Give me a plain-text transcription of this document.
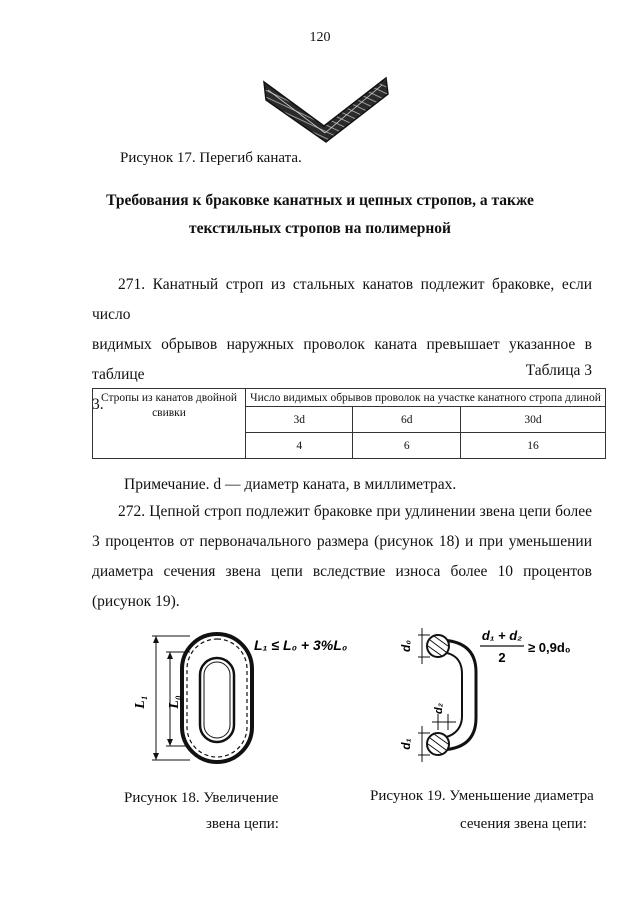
120
Рисунок 17. Перегиб каната.
Требования к браковке канатных и цепных стропов, а также
текстильных стропов на полимерной
271. Канатный строп из стальных канатов подлежит браковке, если число
видимых обрывов наружных проволок каната превышает указанное в таблице
3.
Таблица 3
Стропы из канатов двойной свивки	Число видимых обрывов проволок на участке канатного стропа длиной		
	3d	6d	30d
	4	6	16
Примечание. d — диаметр каната, в миллиметрах.
272. Цепной строп подлежит браковке при удлинении звена цепи более
3 процентов от первоначального размера (рисунок 18) и при уменьшении
диаметра сечения звена цепи вследствие износа более 10 процентов
(рисунок 19).
L₁ L₀
L₁ ≤ L₀ + 3%L₀
Рисунок 18. Увеличение
звена цепи:
d₀
d₁
d₂
d₁ + d₂
2
≥ 0,9d₀
Рисунок 19. Уменьшение диаметра
сечения звена цепи:
